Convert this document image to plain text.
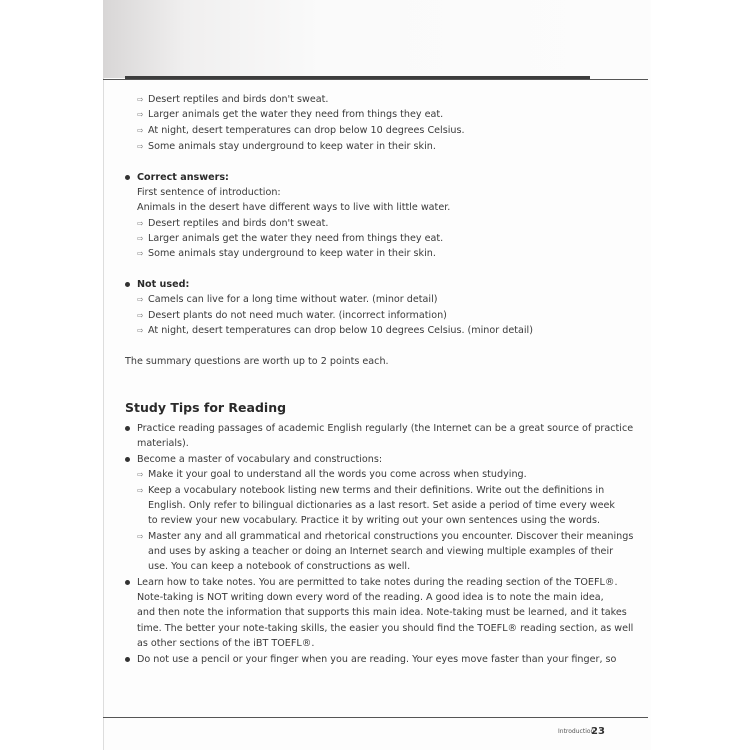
⇨ Desert reptiles and birds don't sweat.
⇨ Larger animals get the water they need from things they eat.
⇨ At night, desert temperatures can drop below 10 degrees Celsius.
⇨ Some animals stay underground to keep water in their skin.
Correct answers:
First sentence of introduction:
Animals in the desert have different ways to live with little water.
⇨ Desert reptiles and birds don't sweat.
⇨ Larger animals get the water they need from things they eat.
⇨ Some animals stay underground to keep water in their skin.
Not used:
⇨ Camels can live for a long time without water. (minor detail)
⇨ Desert plants do not need much water. (incorrect information)
⇨ At night, desert temperatures can drop below 10 degrees Celsius. (minor detail)
The summary questions are worth up to 2 points each.
Study Tips for Reading
Practice reading passages of academic English regularly (the Internet can be a great source of practice
materials).
Become a master of vocabulary and constructions:
⇨ Make it your goal to understand all the words you come across when studying.
⇨ Keep a vocabulary notebook listing new terms and their definitions. Write out the definitions in
English. Only refer to bilingual dictionaries as a last resort. Set aside a period of time every week
to review your new vocabulary. Practice it by writing out your own sentences using the words.
⇨ Master any and all grammatical and rhetorical constructions you encounter. Discover their meanings
and uses by asking a teacher or doing an Internet search and viewing multiple examples of their
use. You can keep a notebook of constructions as well.
Learn how to take notes. You are permitted to take notes during the reading section of the TOEFL®.
Note-taking is NOT writing down every word of the reading. A good idea is to note the main idea,
and then note the information that supports this main idea. Note-taking must be learned, and it takes
time. The better your note-taking skills, the easier you should find the TOEFL® reading section, as well
as other sections of the iBT TOEFL®.
Do not use a pencil or your finger when you are reading. Your eyes move faster than your finger, so
Introduction
23
